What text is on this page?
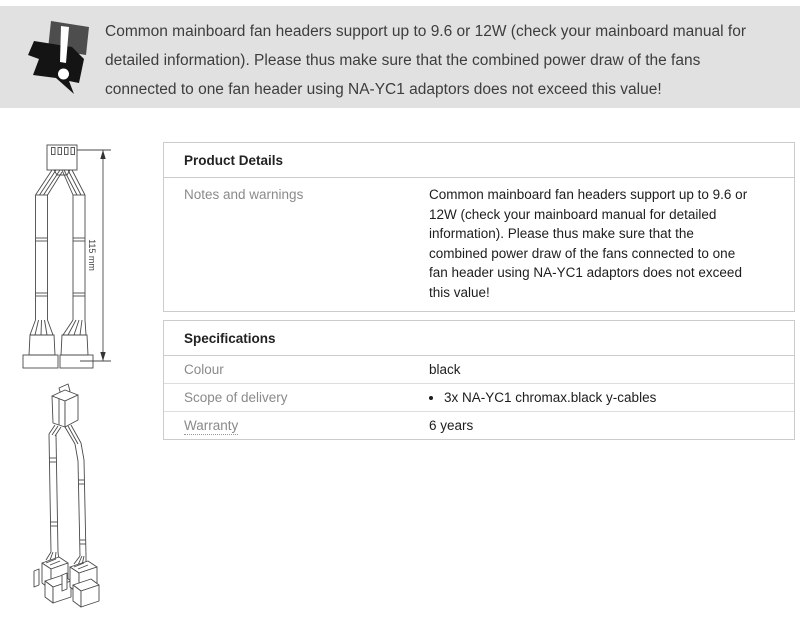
Common mainboard fan headers support up to 9.6 or 12W (check your mainboard manual for detailed information). Please thus make sure that the combined power draw of the fans connected to one fan header using NA-YC1 adaptors does not exceed this value!

115 mm
Product Details
Notes and warnings	Common mainboard fan headers support up to 9.6 or 12W (check your mainboard manual for detailed information). Please thus make sure that the combined power draw of the fans connected to one fan header using NA-YC1 adaptors does not exceed this value!
Specifications
Colour	black
Scope of delivery	• 3x NA-YC1 chromax.black y-cables
Warranty	6 years
